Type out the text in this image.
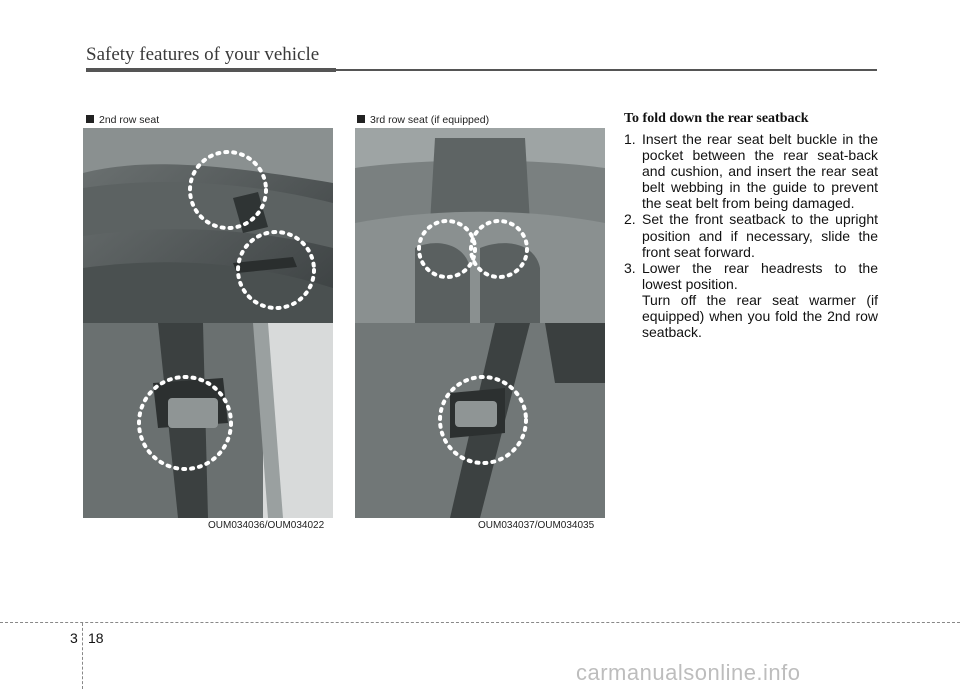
Safety features of your vehicle
2nd row seat	3rd row seat (if equipped)
OUM034036/OUM034022	OUM034037/OUM034035
To fold down the rear seatback
1. Insert the rear seat belt buckle in the pocket between the rear seat-back and cushion, and insert the rear seat belt webbing in the guide to prevent the seat belt from being damaged.

2. Set the front seatback to the upright position and if necessary, slide the front seat forward.

3. Lower the rear headrests to the lowest position.

Turn off the rear seat warmer (if equipped) when you fold the 2nd row seatback.

3 18
carmanualsonline.info
